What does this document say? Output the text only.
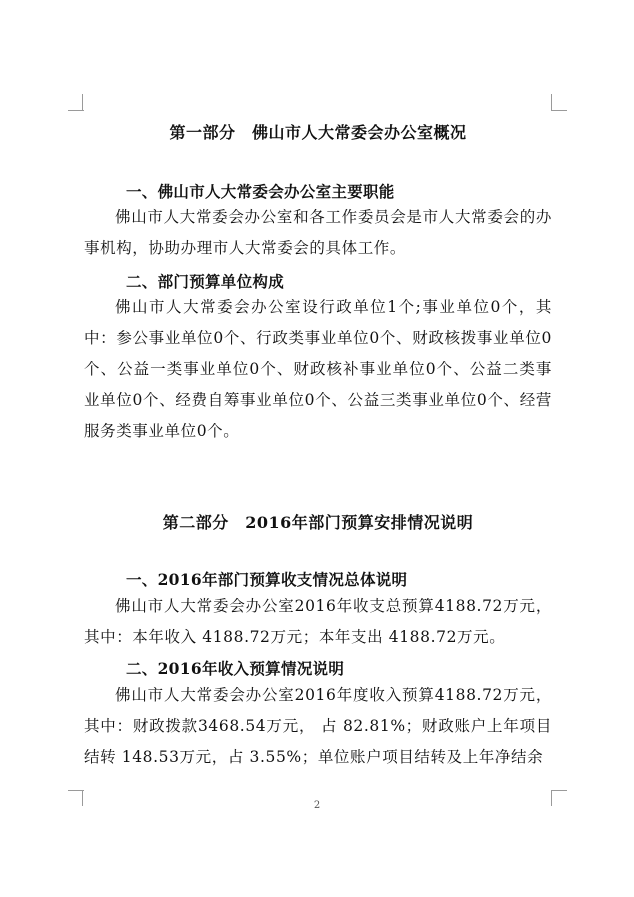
第一部分　佛山市人大常委会办公室概况
一、佛山市人大常委会办公室主要职能
佛山市人大常委会办公室和各工作委员会是市人大常委会的办事机构，协助办理市人大常委会的具体工作。
二、部门预算单位构成
佛山市人大常委会办公室设行政单位1个;事业单位0个，其中：参公事业单位0个、行政类事业单位0个、财政核拨事业单位0个、公益一类事业单位0个、财政核补事业单位0个、公益二类事业单位0个、经费自筹事业单位0个、公益三类事业单位0个、经营服务类事业单位0个。
第二部分　2016年部门预算安排情况说明
一、2016年部门预算收支情况总体说明
佛山市人大常委会办公室2016年收支总预算4188.72万元，其中：本年收入 4188.72万元；本年支出 4188.72万元。
二、2016年收入预算情况说明
佛山市人大常委会办公室2016年度收入预算4188.72万元，其中：财政拨款3468.54万元， 占 82.81%；财政账户上年项目结转 148.53万元，占 3.55%；单位账户项目结转及上年净结余
2
